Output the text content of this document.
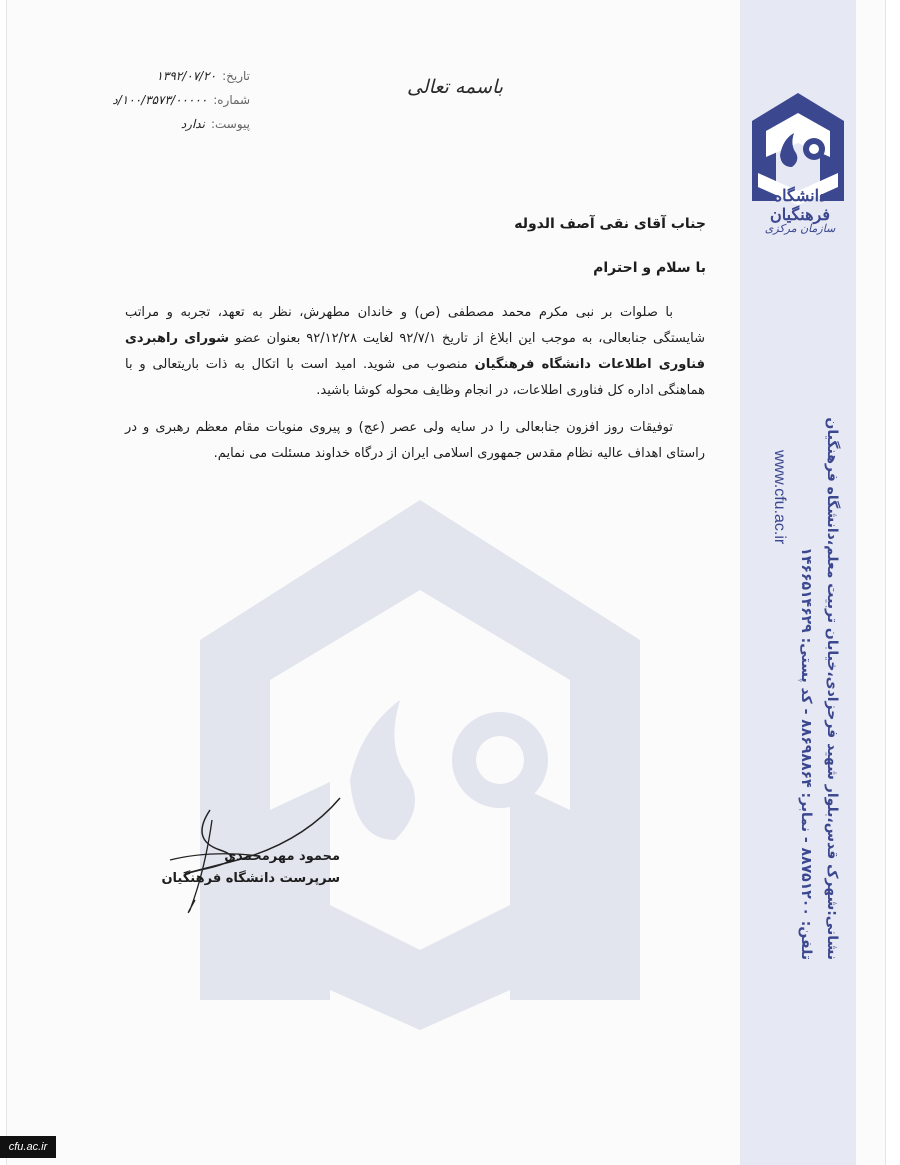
دانشگاه فرهنگیان
سازمان مرکزی
نشانی:شهرک قدس،بلوار شهید فرحزادی،خیابان تربیت معلم،دانشگاه فرهنگیان
تلفن: ۸۸۷۵۱۲۰۰ - نمابر: ۸۸۶۹۸۸۶۴ - کد پستی: ۱۴۶۶۵۱۴۶۲۹
www.cfu.ac.ir
باسمه تعالی
تاریخ:
۱۳۹۲/۰۷/۲۰
شماره:
۱۰۰/۳۵۷۳/۰۰۰۰۰/د
پیوست:
ندارد
جناب آقای نقی آصف الدوله
با سلام و احترام

با صلوات بر نبی مکرم محمد مصطفی (ص) و خاندان مطهرش، نظر به تعهد، تجربه و مراتب شایستگی جنابعالی، به موجب این ابلاغ از تاریخ ۹۲/۷/۱ لغایت ۹۲/۱۲/۲۸ بعنوان عضو شورای راهبردی فناوری اطلاعات دانشگاه فرهنگیان منصوب می شوید. امید است با اتکال به ذات باریتعالی و با هماهنگی اداره کل فناوری اطلاعات، در انجام وظایف محوله کوشا باشید.

توفیقات روز افزون جنابعالی را در سایه ولی عصر (عج) و پیروی منویات مقام معظم رهبری و در راستای اهداف عالیه نظام مقدس جمهوری اسلامی ایران از درگاه خداوند مسئلت می نمایم.

محمود مهرمحمدی
سرپرست دانشگاه فرهنگیان
cfu.ac.ir
